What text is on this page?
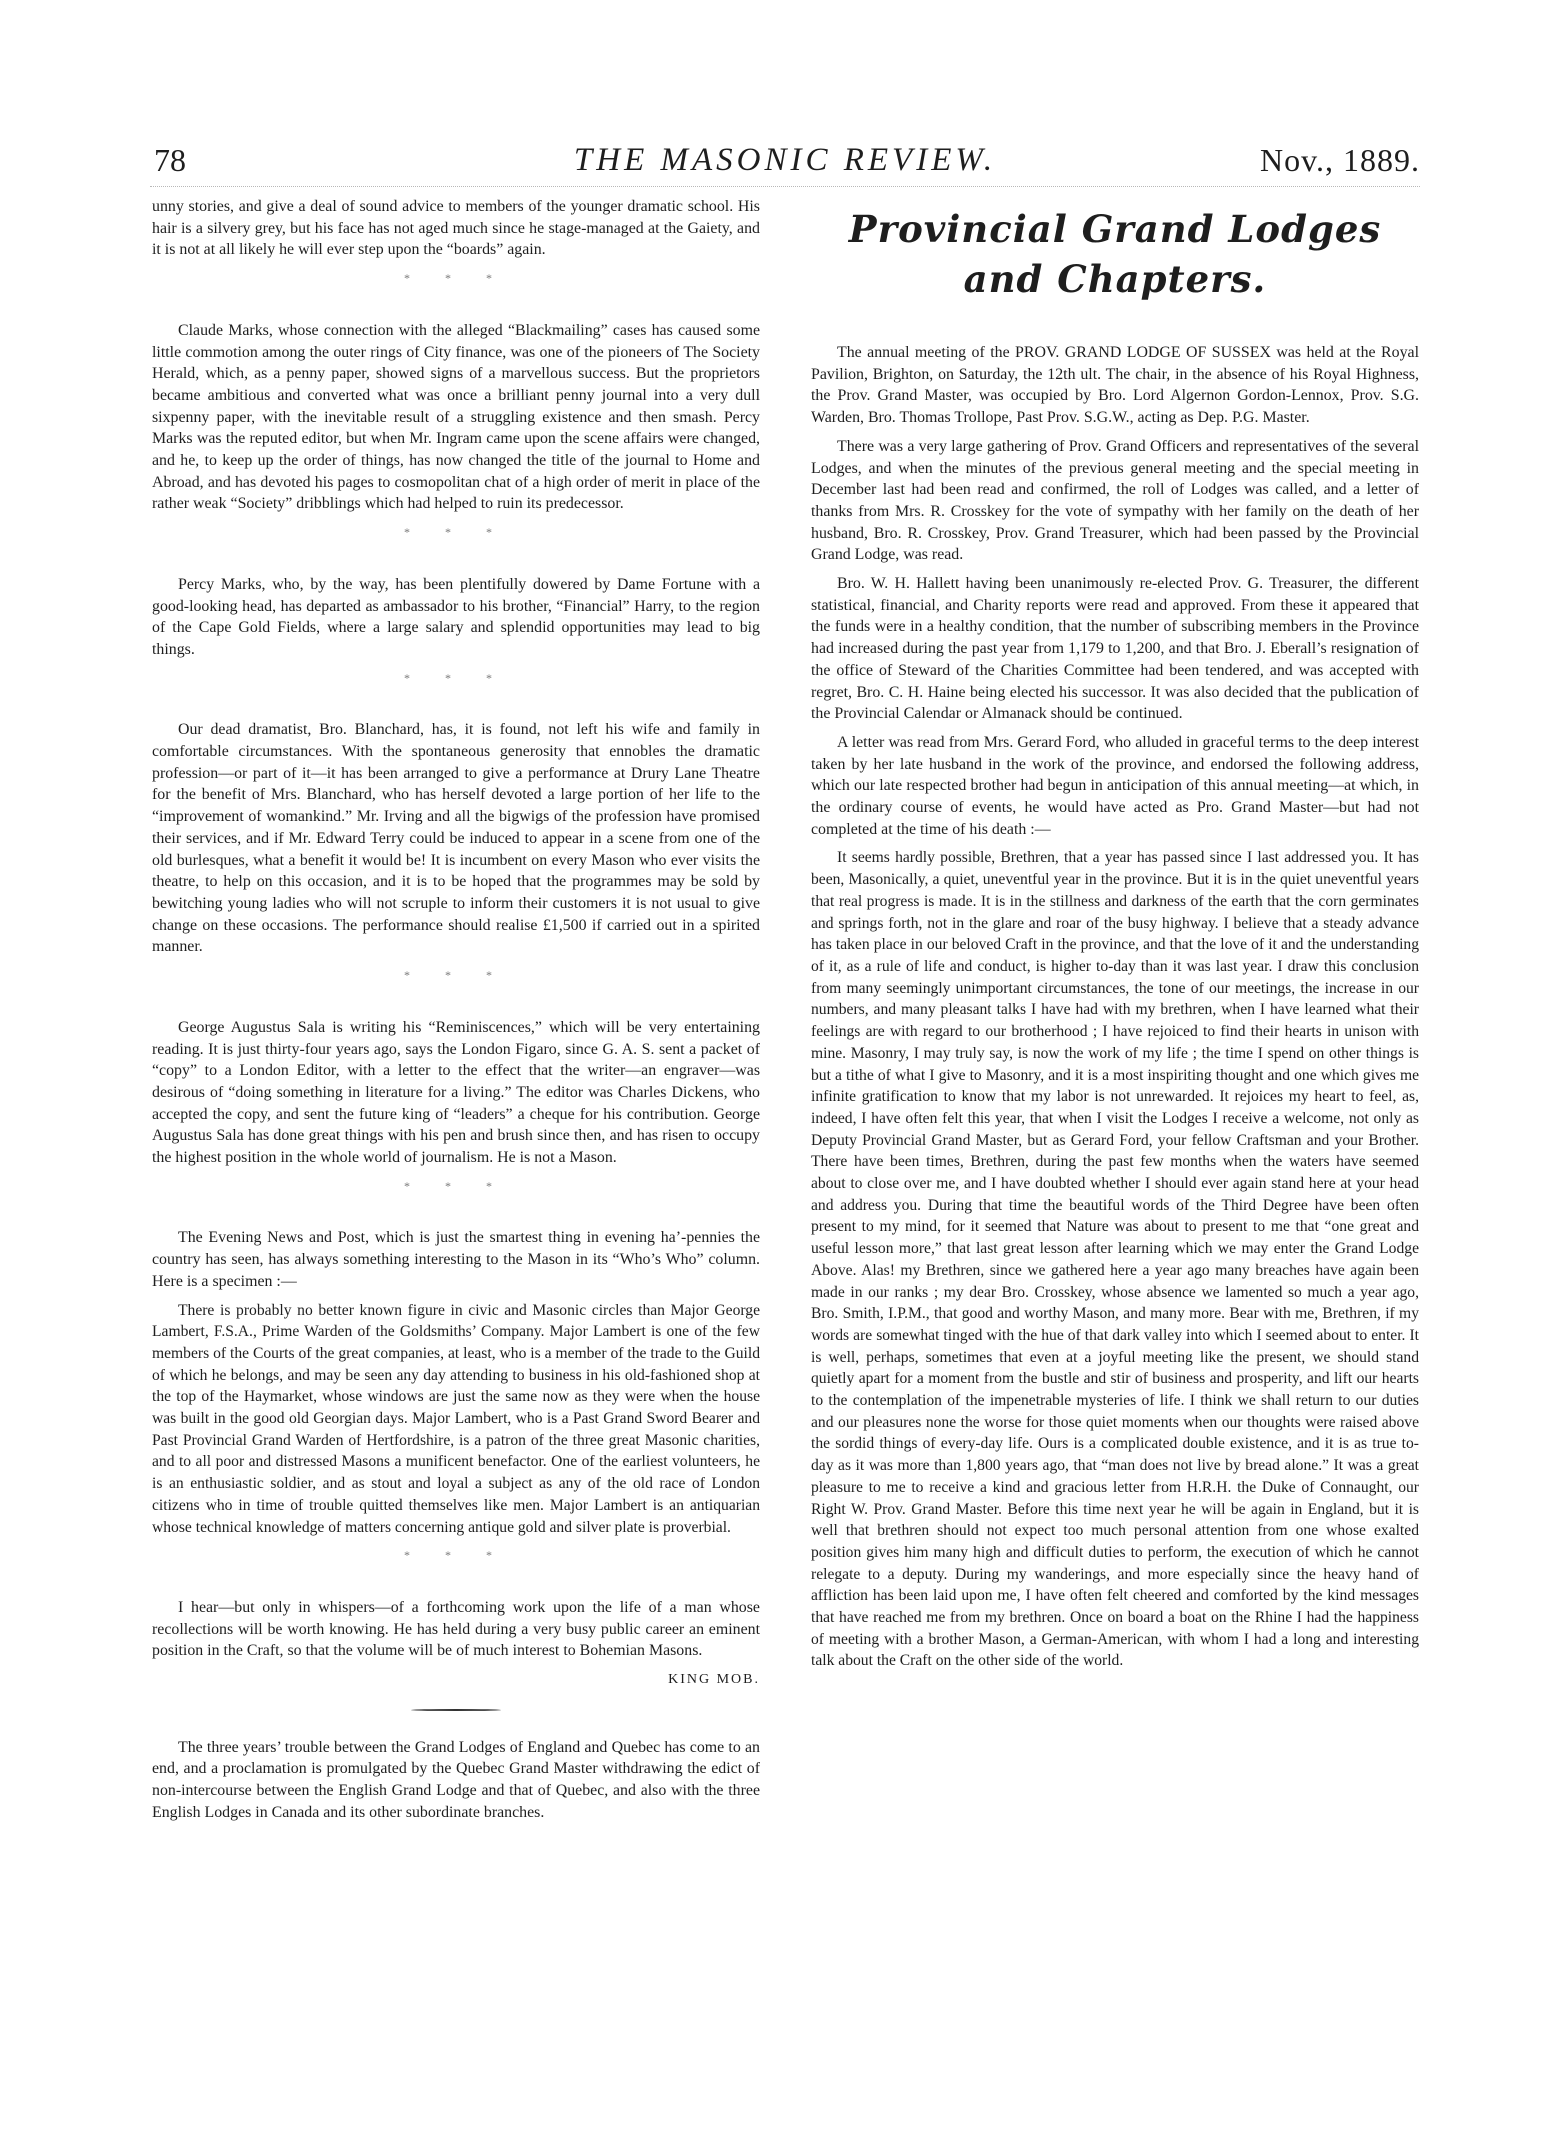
78	THE MASONIC REVIEW.	Nov., 1889.

unny stories, and give a deal of sound advice to members of the younger dramatic school. His hair is a silvery grey, but his face has not aged much since he stage-managed at the Gaiety, and it is not at all likely he will ever step upon the “boards” again.

* * *

Claude Marks, whose connection with the alleged “Blackmailing” cases has caused some little commotion among the outer rings of City finance, was one of the pioneers of The Society Herald, which, as a penny paper, showed signs of a marvellous success. But the proprietors became ambitious and converted what was once a brilliant penny journal into a very dull sixpenny paper, with the inevitable result of a struggling existence and then smash. Percy Marks was the reputed editor, but when Mr. Ingram came upon the scene affairs were changed, and he, to keep up the order of things, has now changed the title of the journal to Home and Abroad, and has devoted his pages to cosmopolitan chat of a high order of merit in place of the rather weak “Society” dribblings which had helped to ruin its predecessor.

* * *

Percy Marks, who, by the way, has been plentifully dowered by Dame Fortune with a good-looking head, has departed as ambassador to his brother, “Financial” Harry, to the region of the Cape Gold Fields, where a large salary and splendid opportunities may lead to big things.

* * *

Our dead dramatist, Bro. Blanchard, has, it is found, not left his wife and family in comfortable circumstances. With the spontaneous generosity that ennobles the dramatic profession—or part of it—it has been arranged to give a performance at Drury Lane Theatre for the benefit of Mrs. Blanchard, who has herself devoted a large portion of her life to the “improvement of womankind.” Mr. Irving and all the bigwigs of the profession have promised their services, and if Mr. Edward Terry could be induced to appear in a scene from one of the old burlesques, what a benefit it would be! It is incumbent on every Mason who ever visits the theatre, to help on this occasion, and it is to be hoped that the programmes may be sold by bewitching young ladies who will not scruple to inform their customers it is not usual to give change on these occasions. The performance should realise £1,500 if carried out in a spirited manner.

* * *

George Augustus Sala is writing his “Reminiscences,” which will be very entertaining reading. It is just thirty-four years ago, says the London Figaro, since G. A. S. sent a packet of “copy” to a London Editor, with a letter to the effect that the writer—an engraver—was desirous of “doing something in literature for a living.” The editor was Charles Dickens, who accepted the copy, and sent the future king of “leaders” a cheque for his contribution. George Augustus Sala has done great things with his pen and brush since then, and has risen to occupy the highest position in the whole world of journalism. He is not a Mason.

* * *

The Evening News and Post, which is just the smartest thing in evening ha’-pennies the country has seen, has always something interesting to the Mason in its “Who’s Who” column. Here is a specimen :—

There is probably no better known figure in civic and Masonic circles than Major George Lambert, F.S.A., Prime Warden of the Goldsmiths’ Company. Major Lambert is one of the few members of the Courts of the great companies, at least, who is a member of the trade to the Guild of which he belongs, and may be seen any day attending to business in his old-fashioned shop at the top of the Haymarket, whose windows are just the same now as they were when the house was built in the good old Georgian days. Major Lambert, who is a Past Grand Sword Bearer and Past Provincial Grand Warden of Hertfordshire, is a patron of the three great Masonic charities, and to all poor and distressed Masons a munificent benefactor. One of the earliest volunteers, he is an enthusiastic soldier, and as stout and loyal a subject as any of the old race of London citizens who in time of trouble quitted themselves like men. Major Lambert is an antiquarian whose technical knowledge of matters concerning antique gold and silver plate is proverbial.

* * *

I hear—but only in whispers—of a forthcoming work upon the life of a man whose recollections will be worth knowing. He has held during a very busy public career an eminent position in the Craft, so that the volume will be of much interest to Bohemian Masons.

KING MOB.

The three years’ trouble between the Grand Lodges of England and Quebec has come to an end, and a proclamation is promulgated by the Quebec Grand Master withdrawing the edict of non-intercourse between the English Grand Lodge and that of Quebec, and also with the three English Lodges in Canada and its other subordinate branches.

Provincial Grand Lodges
and Chapters.

The annual meeting of the PROV. GRAND LODGE OF SUSSEX was held at the Royal Pavilion, Brighton, on Saturday, the 12th ult. The chair, in the absence of his Royal Highness, the Prov. Grand Master, was occupied by Bro. Lord Algernon Gordon-Lennox, Prov. S.G. Warden, Bro. Thomas Trollope, Past Prov. S.G.W., acting as Dep. P.G. Master.

There was a very large gathering of Prov. Grand Officers and representatives of the several Lodges, and when the minutes of the previous general meeting and the special meeting in December last had been read and confirmed, the roll of Lodges was called, and a letter of thanks from Mrs. R. Crosskey for the vote of sympathy with her family on the death of her husband, Bro. R. Crosskey, Prov. Grand Treasurer, which had been passed by the Provincial Grand Lodge, was read.

Bro. W. H. Hallett having been unanimously re-elected Prov. G. Treasurer, the different statistical, financial, and Charity reports were read and approved. From these it appeared that the funds were in a healthy condition, that the number of subscribing members in the Province had increased during the past year from 1,179 to 1,200, and that Bro. J. Eberall’s resignation of the office of Steward of the Charities Committee had been tendered, and was accepted with regret, Bro. C. H. Haine being elected his successor. It was also decided that the publication of the Provincial Calendar or Almanack should be continued.

A letter was read from Mrs. Gerard Ford, who alluded in graceful terms to the deep interest taken by her late husband in the work of the province, and endorsed the following address, which our late respected brother had begun in anticipation of this annual meeting—at which, in the ordinary course of events, he would have acted as Pro. Grand Master—but had not completed at the time of his death :—

It seems hardly possible, Brethren, that a year has passed since I last addressed you. It has been, Masonically, a quiet, uneventful year in the province. But it is in the quiet uneventful years that real progress is made. It is in the stillness and darkness of the earth that the corn germinates and springs forth, not in the glare and roar of the busy highway. I believe that a steady advance has taken place in our beloved Craft in the province, and that the love of it and the understanding of it, as a rule of life and conduct, is higher to-day than it was last year. I draw this conclusion from many seemingly unimportant circumstances, the tone of our meetings, the increase in our numbers, and many pleasant talks I have had with my brethren, when I have learned what their feelings are with regard to our brotherhood ; I have rejoiced to find their hearts in unison with mine. Masonry, I may truly say, is now the work of my life ; the time I spend on other things is but a tithe of what I give to Masonry, and it is a most inspiriting thought and one which gives me infinite gratification to know that my labor is not unrewarded. It rejoices my heart to feel, as, indeed, I have often felt this year, that when I visit the Lodges I receive a welcome, not only as Deputy Provincial Grand Master, but as Gerard Ford, your fellow Craftsman and your Brother. There have been times, Brethren, during the past few months when the waters have seemed about to close over me, and I have doubted whether I should ever again stand here at your head and address you. During that time the beautiful words of the Third Degree have been often present to my mind, for it seemed that Nature was about to present to me that “one great and useful lesson more,” that last great lesson after learning which we may enter the Grand Lodge Above. Alas! my Brethren, since we gathered here a year ago many breaches have again been made in our ranks ; my dear Bro. Crosskey, whose absence we lamented so much a year ago, Bro. Smith, I.P.M., that good and worthy Mason, and many more. Bear with me, Brethren, if my words are somewhat tinged with the hue of that dark valley into which I seemed about to enter. It is well, perhaps, sometimes that even at a joyful meeting like the present, we should stand quietly apart for a moment from the bustle and stir of business and prosperity, and lift our hearts to the contemplation of the impenetrable mysteries of life. I think we shall return to our duties and our pleasures none the worse for those quiet moments when our thoughts were raised above the sordid things of every-day life. Ours is a complicated double existence, and it is as true to-day as it was more than 1,800 years ago, that “man does not live by bread alone.” It was a great pleasure to me to receive a kind and gracious letter from H.R.H. the Duke of Connaught, our Right W. Prov. Grand Master. Before this time next year he will be again in England, but it is well that brethren should not expect too much personal attention from one whose exalted position gives him many high and difficult duties to perform, the execution of which he cannot relegate to a deputy. During my wanderings, and more especially since the heavy hand of affliction has been laid upon me, I have often felt cheered and comforted by the kind messages that have reached me from my brethren. Once on board a boat on the Rhine I had the happiness of meeting with a brother Mason, a German-American, with whom I had a long and interesting talk about the Craft on the other side of the world.
